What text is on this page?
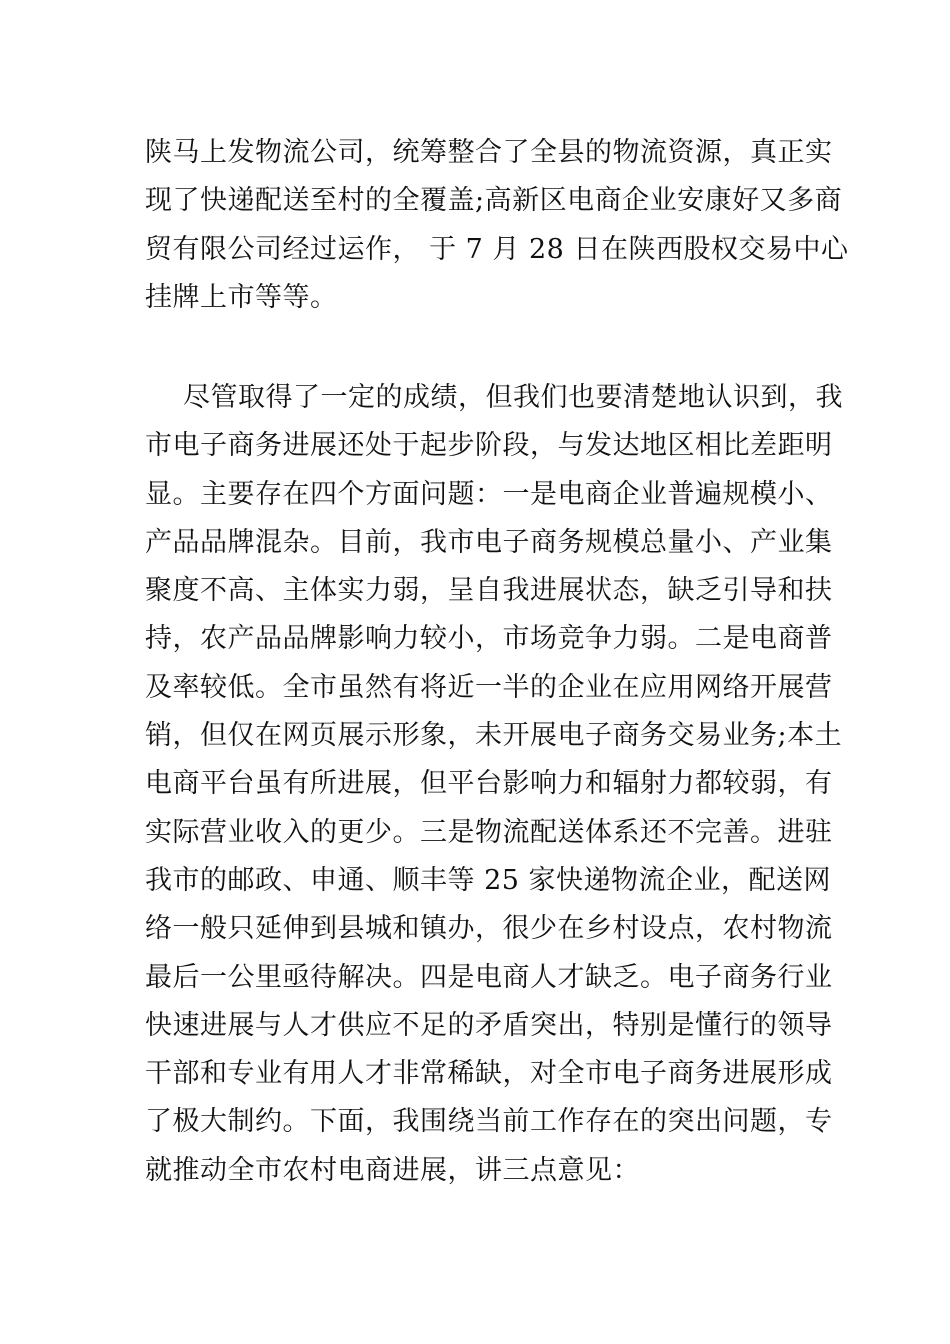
陕马上发物流公司，统筹整合了全县的物流资源，真正实
现了快递配送至村的全覆盖;高新区电商企业安康好又多商
贸有限公司经过运作， 于 7 月 28 日在陕西股权交易中心
挂牌上市等等。
尽管取得了一定的成绩，但我们也要清楚地认识到，我
市电子商务进展还处于起步阶段，与发达地区相比差距明
显。主要存在四个方面问题：一是电商企业普遍规模小、
产品品牌混杂。目前，我市电子商务规模总量小、产业集
聚度不高、主体实力弱，呈自我进展状态，缺乏引导和扶
持，农产品品牌影响力较小，市场竞争力弱。二是电商普
及率较低。全市虽然有将近一半的企业在应用网络开展营
销，但仅在网页展示形象，未开展电子商务交易业务;本土
电商平台虽有所进展，但平台影响力和辐射力都较弱，有
实际营业收入的更少。三是物流配送体系还不完善。进驻
我市的邮政、申通、顺丰等 25 家快递物流企业，配送网
络一般只延伸到县城和镇办，很少在乡村设点，农村物流
最后一公里亟待解决。四是电商人才缺乏。电子商务行业
快速进展与人才供应不足的矛盾突出，特别是懂行的领导
干部和专业有用人才非常稀缺，对全市电子商务进展形成
了极大制约。下面，我围绕当前工作存在的突出问题，专
就推动全市农村电商进展，讲三点意见：
